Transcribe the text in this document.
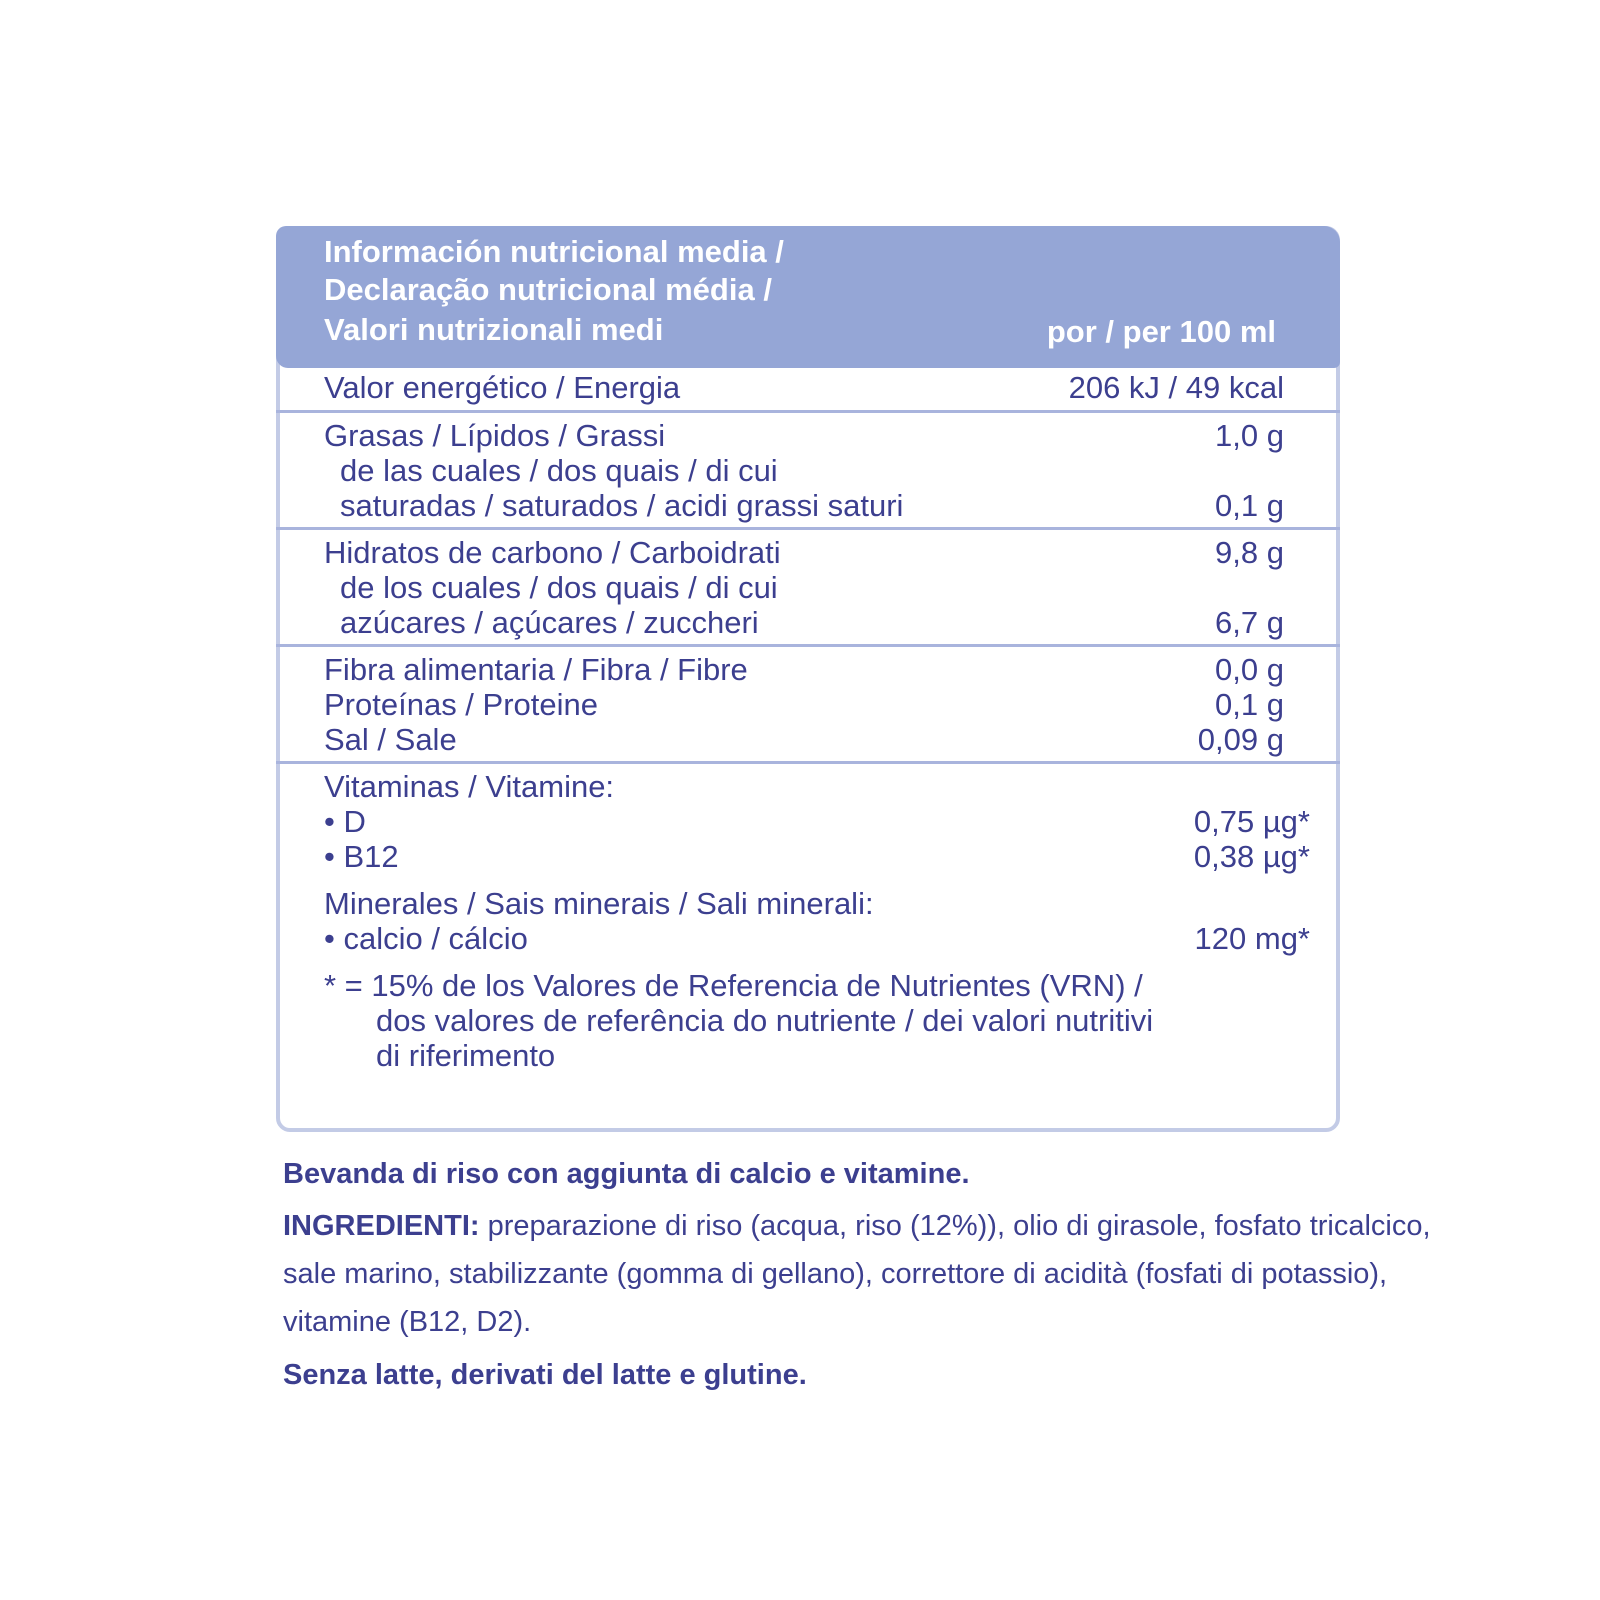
Información nutricional media /
Declaração nutricional média /
Valori nutrizionali medi	por / per 100 ml
Valor energético / Energia	206 kJ / 49 kcal
Grasas / Lípidos / Grassi	1,0 g
de las cuales / dos quais / di cui
saturadas / saturados / acidi grassi saturi	0,1 g
Hidratos de carbono / Carboidrati	9,8 g
de los cuales / dos quais / di cui
azúcares / açúcares / zuccheri	6,7 g
Fibra alimentaria / Fibra / Fibre	0,0 g
Proteínas / Proteine	0,1 g
Sal / Sale	0,09 g
Vitaminas / Vitamine:
• D	0,75 µg*
• B12	0,38 µg*
Minerales / Sais minerais / Sali minerali:
• calcio / cálcio	120 mg*
* = 15% de los Valores de Referencia de Nutrientes (VRN) /
dos valores de referência do nutriente / dei valori nutritivi
di riferimento
Bevanda di riso con aggiunta di calcio e vitamine.
INGREDIENTI: preparazione di riso (acqua, riso (12%)), olio di girasole, fosfato tricalcico,
sale marino, stabilizzante (gomma di gellano), correttore di acidità (fosfati di potassio),
vitamine (B12, D2).
Senza latte, derivati del latte e glutine.
